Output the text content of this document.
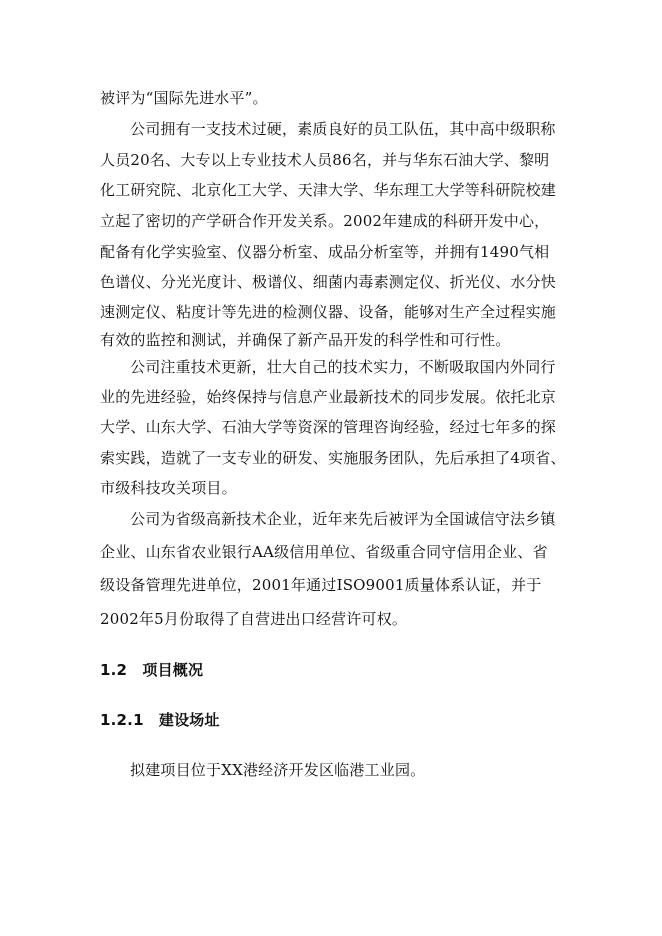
被评为“国际先进水平”。
公司拥有一支技术过硬，素质良好的员工队伍，其中高中级职称
人员20名、大专以上专业技术人员86名，并与华东石油大学、黎明
化工研究院、北京化工大学、天津大学、华东理工大学等科研院校建
立起了密切的产学研合作开发关系。2002年建成的科研开发中心，
配备有化学实验室、仪器分析室、成品分析室等，并拥有1490气相
色谱仪、分光光度计、极谱仪、细菌内毒素测定仪、折光仪、水分快
速测定仪、粘度计等先进的检测仪器、设备，能够对生产全过程实施
有效的监控和测试，并确保了新产品开发的科学性和可行性。
公司注重技术更新，壮大自己的技术实力，不断吸取国内外同行
业的先进经验，始终保持与信息产业最新技术的同步发展。依托北京
大学、山东大学、石油大学等资深的管理咨询经验，经过七年多的探
索实践，造就了一支专业的研发、实施服务团队，先后承担了4项省、
市级科技攻关项目。
公司为省级高新技术企业，近年来先后被评为全国诚信守法乡镇
企业、山东省农业银行AA级信用单位、省级重合同守信用企业、省
级设备管理先进单位，2001年通过ISO9001质量体系认证，并于
2002年5月份取得了自营进出口经营许可权。
1.2　项目概况
1.2.1　建设场址
拟建项目位于XX港经济开发区临港工业园。
